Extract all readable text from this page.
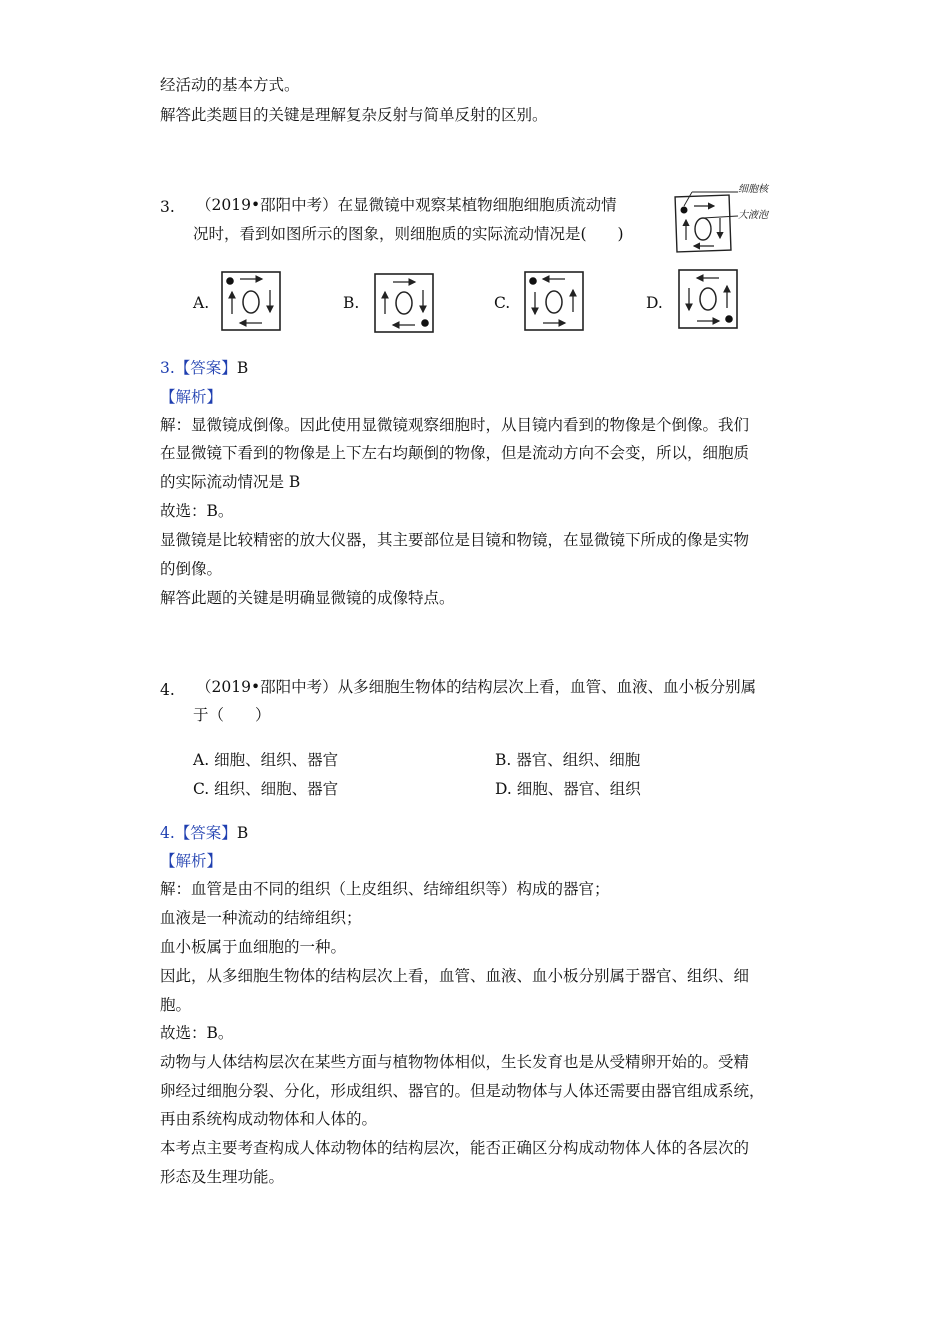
经活动的基本方式。
解答此类题目的关键是理解复杂反射与简单反射的区别。
3. （2019•邵阳中考）在显微镜中观察某植物细胞细胞质流动情
况时，看到如图所示的图象，则细胞质的实际流动情况是(　　)
细胞核
大液泡
A.	B.	C.	D.
3.【答案】B
【解析】
解：显微镜成倒像。因此使用显微镜观察细胞时，从目镜内看到的物像是个倒像。我们
在显微镜下看到的物像是上下左右均颠倒的物像，但是流动方向不会变，所以，细胞质
的实际流动情况是 B
故选：B。
显微镜是比较精密的放大仪器，其主要部位是目镜和物镜，在显微镜下所成的像是实物
的倒像。
解答此题的关键是明确显微镜的成像特点。
4. （2019•邵阳中考）从多细胞生物体的结构层次上看，血管、血液、血小板分别属
于（　　）
A. 细胞、组织、器官	B. 器官、组织、细胞
C. 组织、细胞、器官	D. 细胞、器官、组织
4.【答案】B
【解析】
解：血管是由不同的组织（上皮组织、结缔组织等）构成的器官；
血液是一种流动的结缔组织；
血小板属于血细胞的一种。
因此，从多细胞生物体的结构层次上看，血管、血液、血小板分别属于器官、组织、细
胞。
故选：B。
动物与人体结构层次在某些方面与植物物体相似，生长发育也是从受精卵开始的。受精
卵经过细胞分裂、分化，形成组织、器官的。但是动物体与人体还需要由器官组成系统，
再由系统构成动物体和人体的。
本考点主要考查构成人体动物体的结构层次，能否正确区分构成动物体人体的各层次的
形态及生理功能。
